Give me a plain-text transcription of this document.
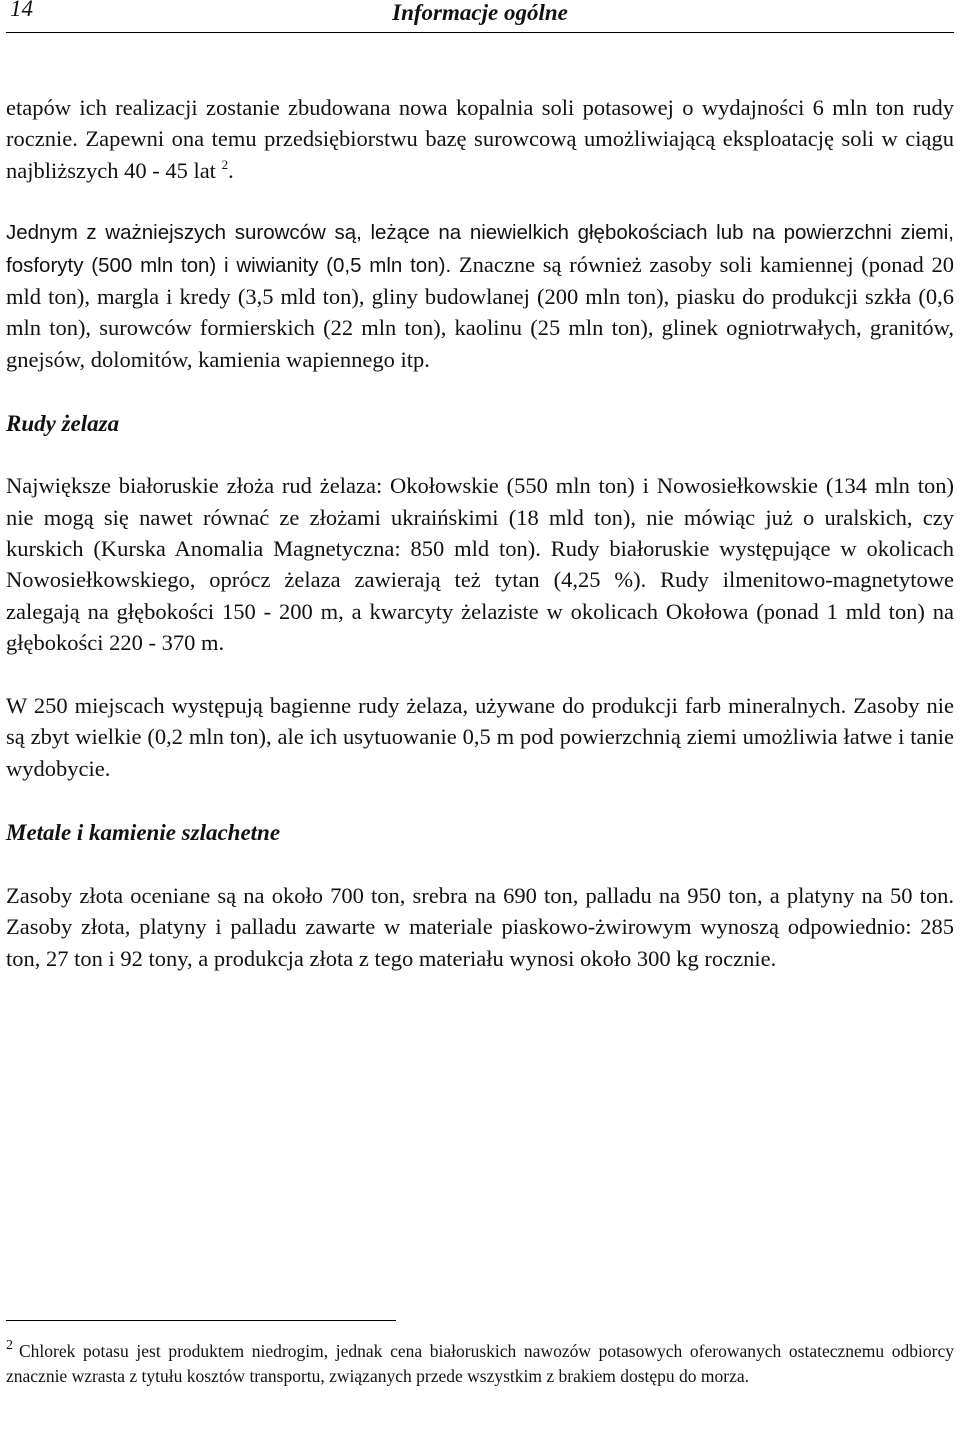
14	Informacje ogólne

etapów ich realizacji zostanie zbudowana nowa kopalnia soli potasowej o wydajności 6 mln ton rudy rocznie. Zapewni ona temu przedsiębiorstwu bazę surowcową umożliwiającą eksploatację soli w ciągu najbliższych 40 - 45 lat $^2$.

Jednym z ważniejszych surowców są, leżące na niewielkich głębokościach lub na powierzchni ziemi, fosforyty (500 mln ton) i wiwianity (0,5 mln ton). Znaczne są również zasoby soli kamiennej (ponad 20 mld ton), margla i kredy (3,5 mld ton), gliny budowlanej (200 mln ton), piasku do produkcji szkła (0,6 mln ton), surowców formierskich (22 mln ton), kaolinu (25 mln ton), glinek ogniotrwałych, granitów, gnejsów, dolomitów, kamienia wapiennego itp.

Rudy żelaza

Największe białoruskie złoża rud żelaza: Okołowskie (550 mln ton) i Nowosiełkowskie (134 mln ton) nie mogą się nawet równać ze złożami ukraińskimi (18 mld ton), nie mówiąc już o uralskich, czy kurskich (Kurska Anomalia Magnetyczna: 850 mld ton). Rudy białoruskie występujące w okolicach Nowosiełkowskiego, oprócz żelaza zawierają też tytan (4,25 %). Rudy ilmenitowo-magnetytowe zalegają na głębokości 150 - 200 m, a kwarcyty żelaziste w okolicach Okołowa (ponad 1 mld ton) na głębokości 220 - 370 m.

W 250 miejscach występują bagienne rudy żelaza, używane do produkcji farb mineralnych. Zasoby nie są zbyt wielkie (0,2 mln ton), ale ich usytuowanie 0,5 m pod powierzchnią ziemi umożliwia łatwe i tanie wydobycie.

Metale i kamienie szlachetne

Zasoby złota oceniane są na około 700 ton, srebra na 690 ton, palladu na 950 ton, a platyny na 50 ton. Zasoby złota, platyny i palladu zawarte w materiale piaskowo-żwirowym wynoszą odpowiednio: 285 ton, 27 ton i 92 tony, a produkcja złota z tego materiału wynosi około 300 kg rocznie.

$^2$ Chlorek potasu jest produktem niedrogim, jednak cena białoruskich nawozów potasowych oferowanych ostatecznemu odbiorcy znacznie wzrasta z tytułu kosztów transportu, związanych przede wszystkim z brakiem dostępu do morza.
